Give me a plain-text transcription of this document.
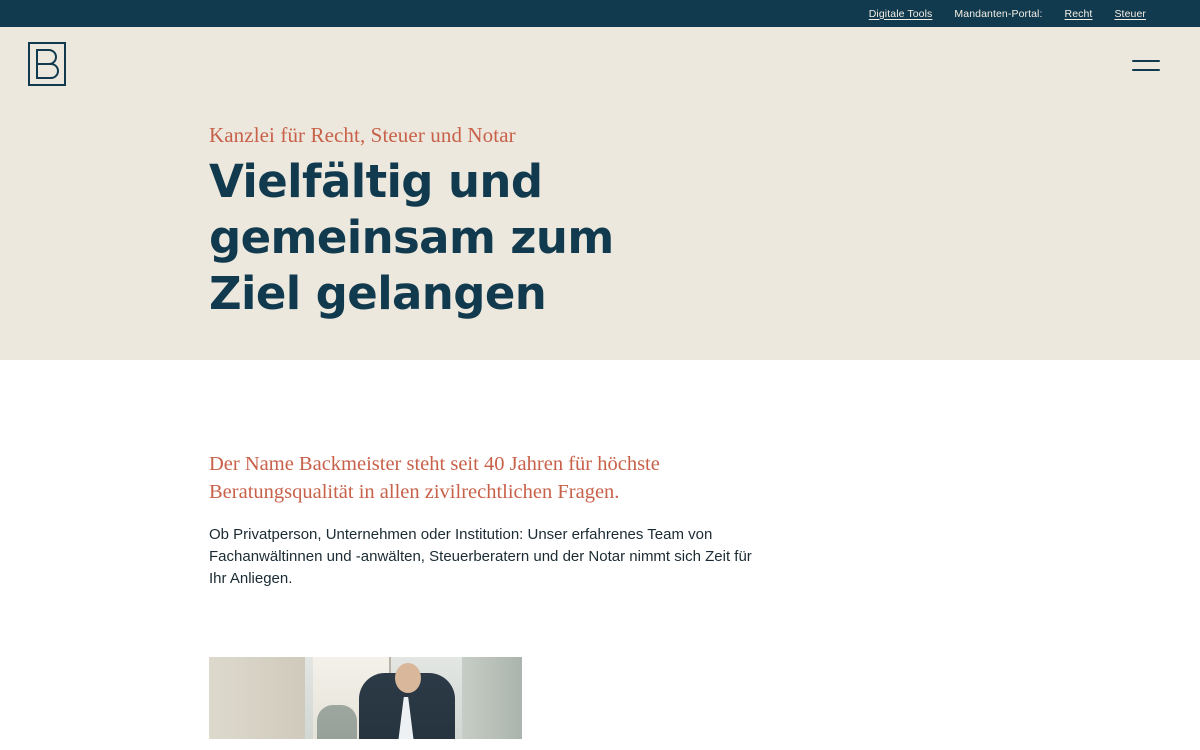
Digitale Tools Mandanten-Portal: Recht Steuer

Kanzlei für Recht, Steuer und Notar

Vielfältig und gemeinsam zum Ziel gelangen

Der Name Backmeister steht seit 40 Jahren für höchste Beratungsqualität in allen zivilrechtlichen Fragen.

Ob Privatperson, Unternehmen oder Institution: Unser erfahrenes Team von Fachanwältinnen und -anwälten, Steuerberatern und der Notar nimmt sich Zeit für Ihr Anliegen.
